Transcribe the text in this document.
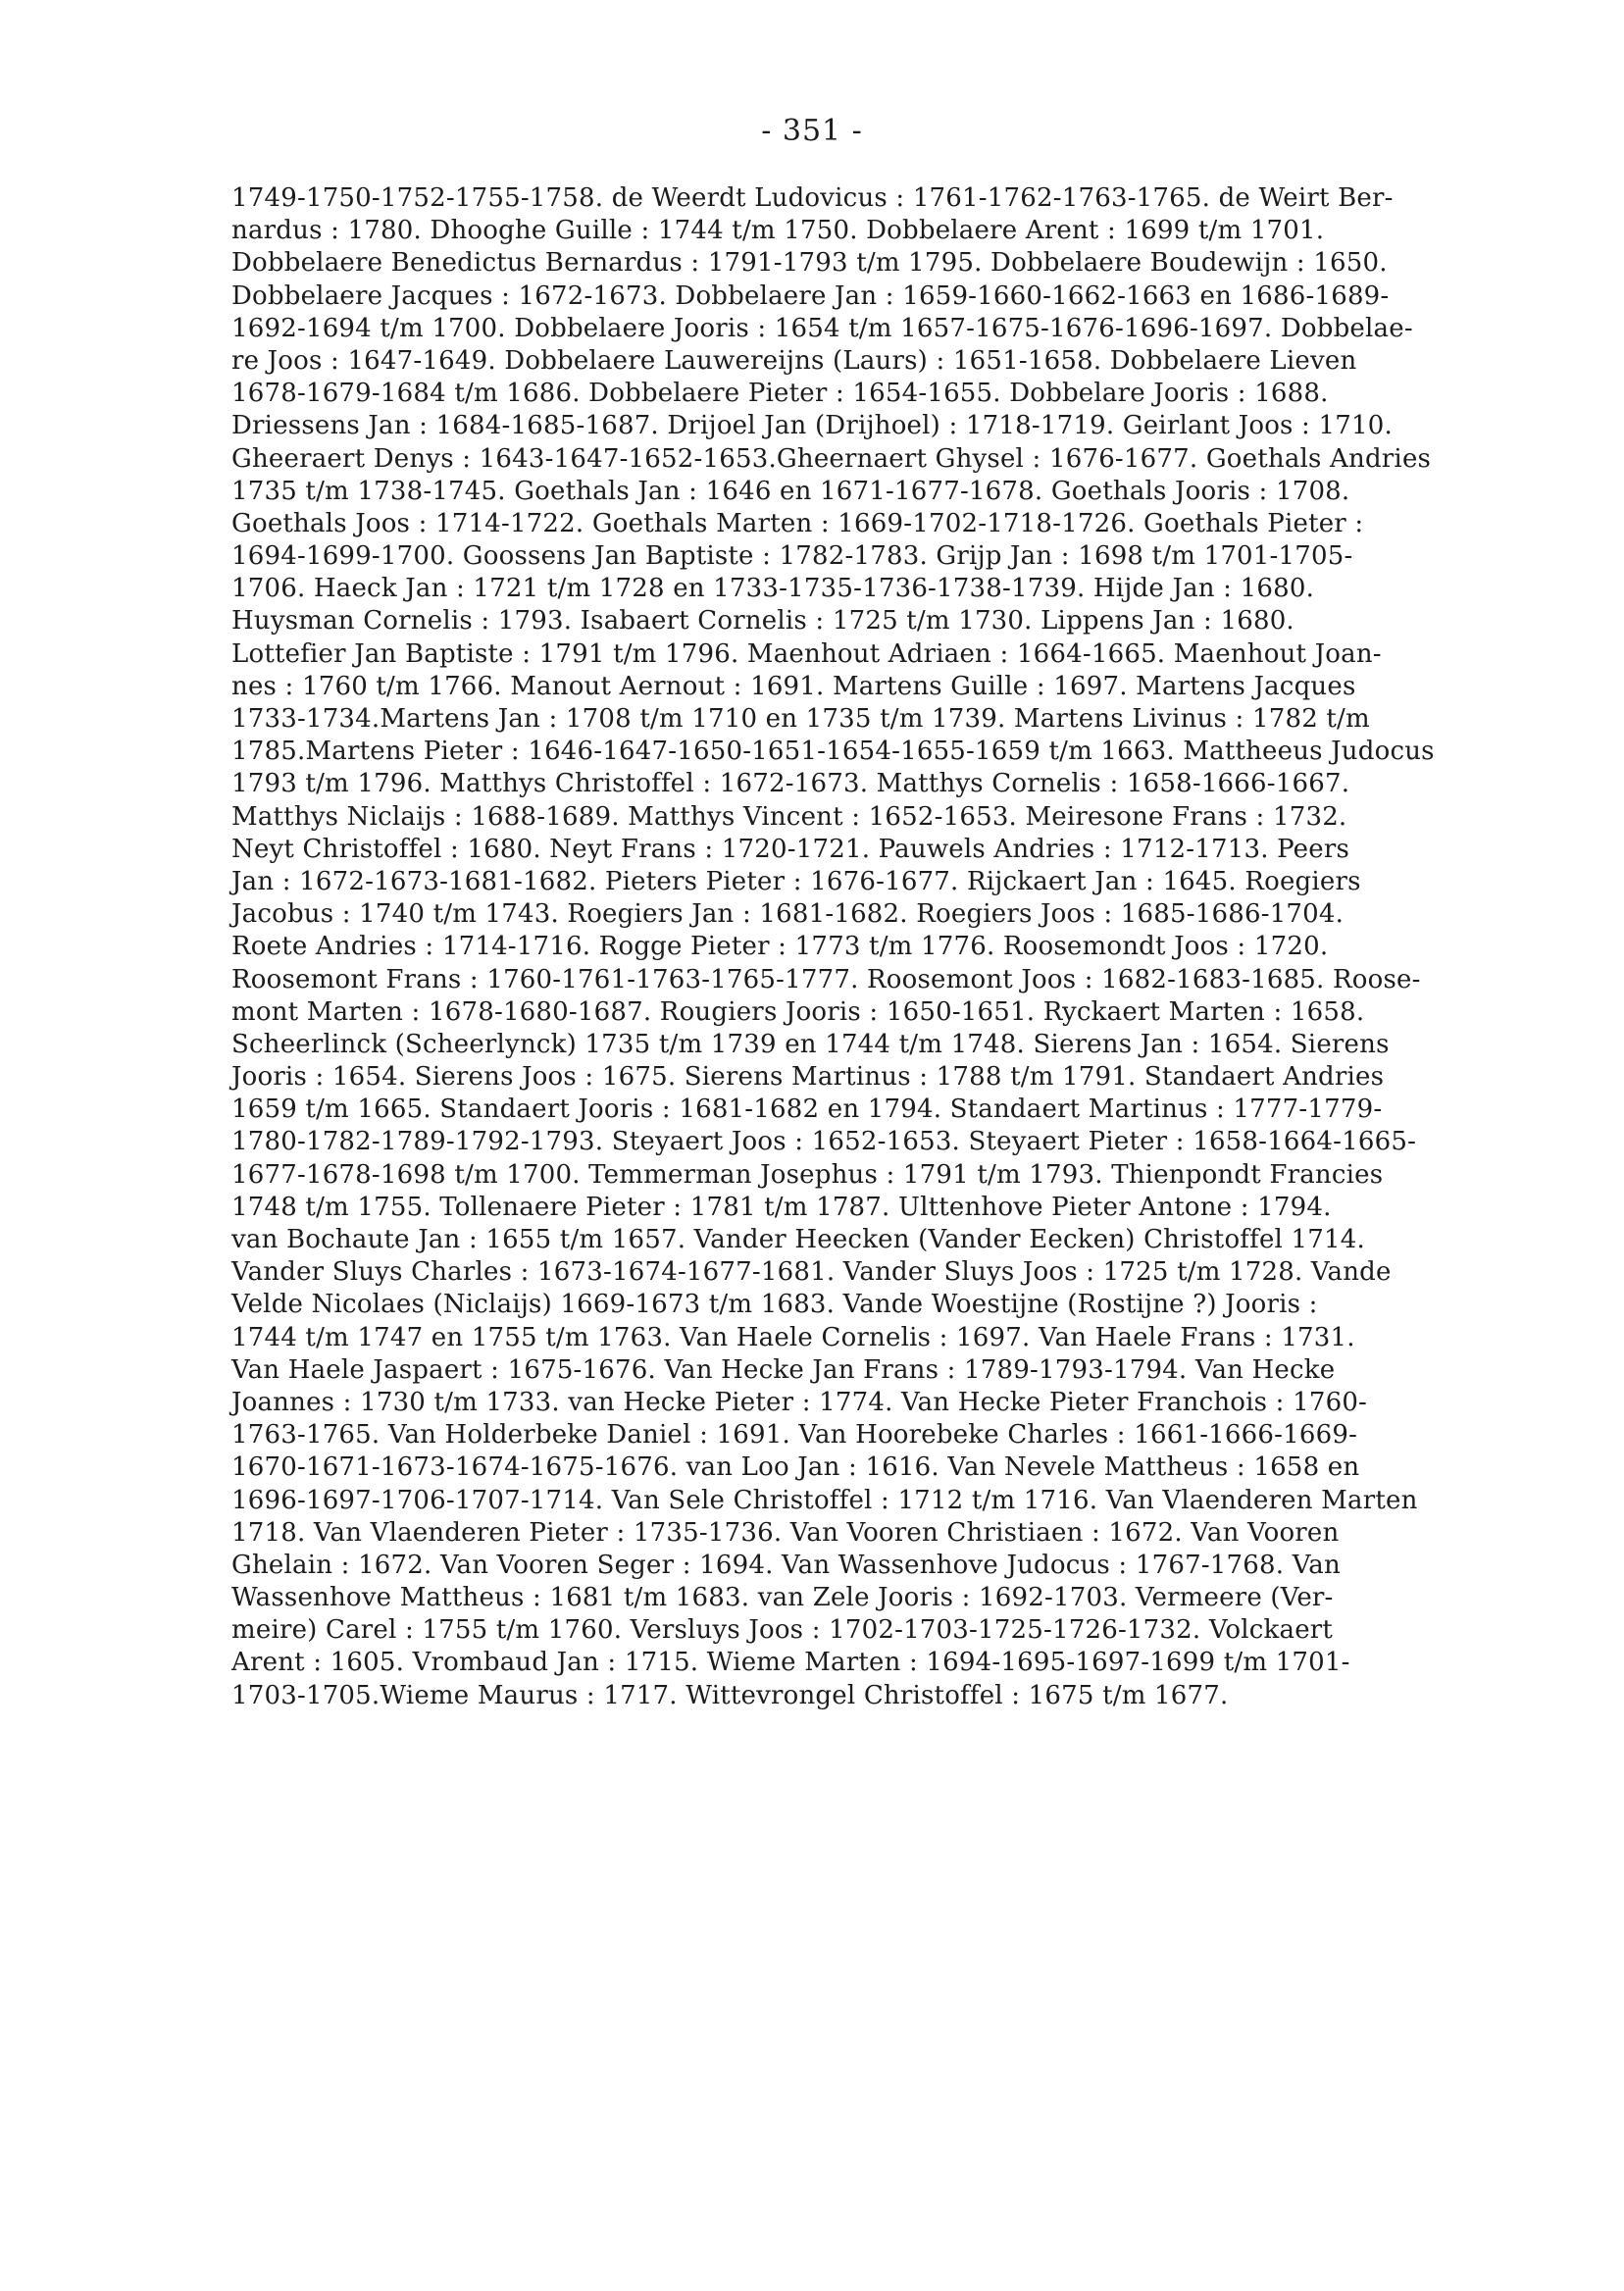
- 351 -
1749-1750-1752-1755-1758. de Weerdt Ludovicus : 1761-1762-1763-1765. de Weirt Ber-
nardus : 1780. Dhooghe Guille : 1744 t/m 1750. Dobbelaere Arent : 1699 t/m 1701.
Dobbelaere Benedictus Bernardus : 1791-1793 t/m 1795. Dobbelaere Boudewijn : 1650.
Dobbelaere Jacques : 1672-1673. Dobbelaere Jan : 1659-1660-1662-1663 en 1686-1689-
1692-1694 t/m 1700. Dobbelaere Jooris : 1654 t/m 1657-1675-1676-1696-1697. Dobbelae-
re Joos : 1647-1649. Dobbelaere Lauwereijns (Laurs) : 1651-1658. Dobbelaere Lieven
1678-1679-1684 t/m 1686. Dobbelaere Pieter : 1654-1655. Dobbelare Jooris : 1688.
Driessens Jan : 1684-1685-1687. Drijoel Jan (Drijhoel) : 1718-1719. Geirlant Joos : 1710.
Gheeraert Denys : 1643-1647-1652-1653.Gheernaert Ghysel : 1676-1677. Goethals Andries
1735 t/m 1738-1745. Goethals Jan : 1646 en 1671-1677-1678. Goethals Jooris : 1708.
Goethals Joos : 1714-1722. Goethals Marten : 1669-1702-1718-1726. Goethals Pieter :
1694-1699-1700. Goossens Jan Baptiste : 1782-1783. Grijp Jan : 1698 t/m 1701-1705-
1706. Haeck Jan : 1721 t/m 1728 en 1733-1735-1736-1738-1739. Hijde Jan : 1680.
Huysman Cornelis : 1793. Isabaert Cornelis : 1725 t/m 1730. Lippens Jan : 1680.
Lottefier Jan Baptiste : 1791 t/m 1796. Maenhout Adriaen : 1664-1665. Maenhout Joan-
nes : 1760 t/m 1766. Manout Aernout : 1691. Martens Guille : 1697. Martens Jacques
1733-1734.Martens Jan : 1708 t/m 1710 en 1735 t/m 1739. Martens Livinus : 1782 t/m
1785.Martens Pieter : 1646-1647-1650-1651-1654-1655-1659 t/m 1663. Mattheeus Judocus
1793 t/m 1796. Matthys Christoffel : 1672-1673. Matthys Cornelis : 1658-1666-1667.
Matthys Niclaijs : 1688-1689. Matthys Vincent : 1652-1653. Meiresone Frans : 1732.
Neyt Christoffel : 1680. Neyt Frans : 1720-1721. Pauwels Andries : 1712-1713. Peers
Jan : 1672-1673-1681-1682. Pieters Pieter : 1676-1677. Rijckaert Jan : 1645. Roegiers
Jacobus : 1740 t/m 1743. Roegiers Jan : 1681-1682. Roegiers Joos : 1685-1686-1704.
Roete Andries : 1714-1716. Rogge Pieter : 1773 t/m 1776. Roosemondt Joos : 1720.
Roosemont Frans : 1760-1761-1763-1765-1777. Roosemont Joos : 1682-1683-1685. Roose-
mont Marten : 1678-1680-1687. Rougiers Jooris : 1650-1651. Ryckaert Marten : 1658.
Scheerlinck (Scheerlynck) 1735 t/m 1739 en 1744 t/m 1748. Sierens Jan : 1654. Sierens
Jooris : 1654. Sierens Joos : 1675. Sierens Martinus : 1788 t/m 1791. Standaert Andries
1659 t/m 1665. Standaert Jooris : 1681-1682 en 1794. Standaert Martinus : 1777-1779-
1780-1782-1789-1792-1793. Steyaert Joos : 1652-1653. Steyaert Pieter : 1658-1664-1665-
1677-1678-1698 t/m 1700. Temmerman Josephus : 1791 t/m 1793. Thienpondt Francies
1748 t/m 1755. Tollenaere Pieter : 1781 t/m 1787. Ulttenhove Pieter Antone : 1794.
van Bochaute Jan : 1655 t/m 1657. Vander Heecken (Vander Eecken) Christoffel 1714.
Vander Sluys Charles : 1673-1674-1677-1681. Vander Sluys Joos : 1725 t/m 1728. Vande
Velde Nicolaes (Niclaijs) 1669-1673 t/m 1683. Vande Woestijne (Rostijne ?) Jooris :
1744 t/m 1747 en 1755 t/m 1763. Van Haele Cornelis : 1697. Van Haele Frans : 1731.
Van Haele Jaspaert : 1675-1676. Van Hecke Jan Frans : 1789-1793-1794. Van Hecke
Joannes : 1730 t/m 1733. van Hecke Pieter : 1774. Van Hecke Pieter Franchois : 1760-
1763-1765. Van Holderbeke Daniel : 1691. Van Hoorebeke Charles : 1661-1666-1669-
1670-1671-1673-1674-1675-1676. van Loo Jan : 1616. Van Nevele Mattheus : 1658 en
1696-1697-1706-1707-1714. Van Sele Christoffel : 1712 t/m 1716. Van Vlaenderen Marten
1718. Van Vlaenderen Pieter : 1735-1736. Van Vooren Christiaen : 1672. Van Vooren
Ghelain : 1672. Van Vooren Seger : 1694. Van Wassenhove Judocus : 1767-1768. Van
Wassenhove Mattheus : 1681 t/m 1683. van Zele Jooris : 1692-1703. Vermeere (Ver-
meire) Carel : 1755 t/m 1760. Versluys Joos : 1702-1703-1725-1726-1732. Volckaert
Arent : 1605. Vrombaud Jan : 1715. Wieme Marten : 1694-1695-1697-1699 t/m 1701-
1703-1705.Wieme Maurus : 1717. Wittevrongel Christoffel : 1675 t/m 1677.
